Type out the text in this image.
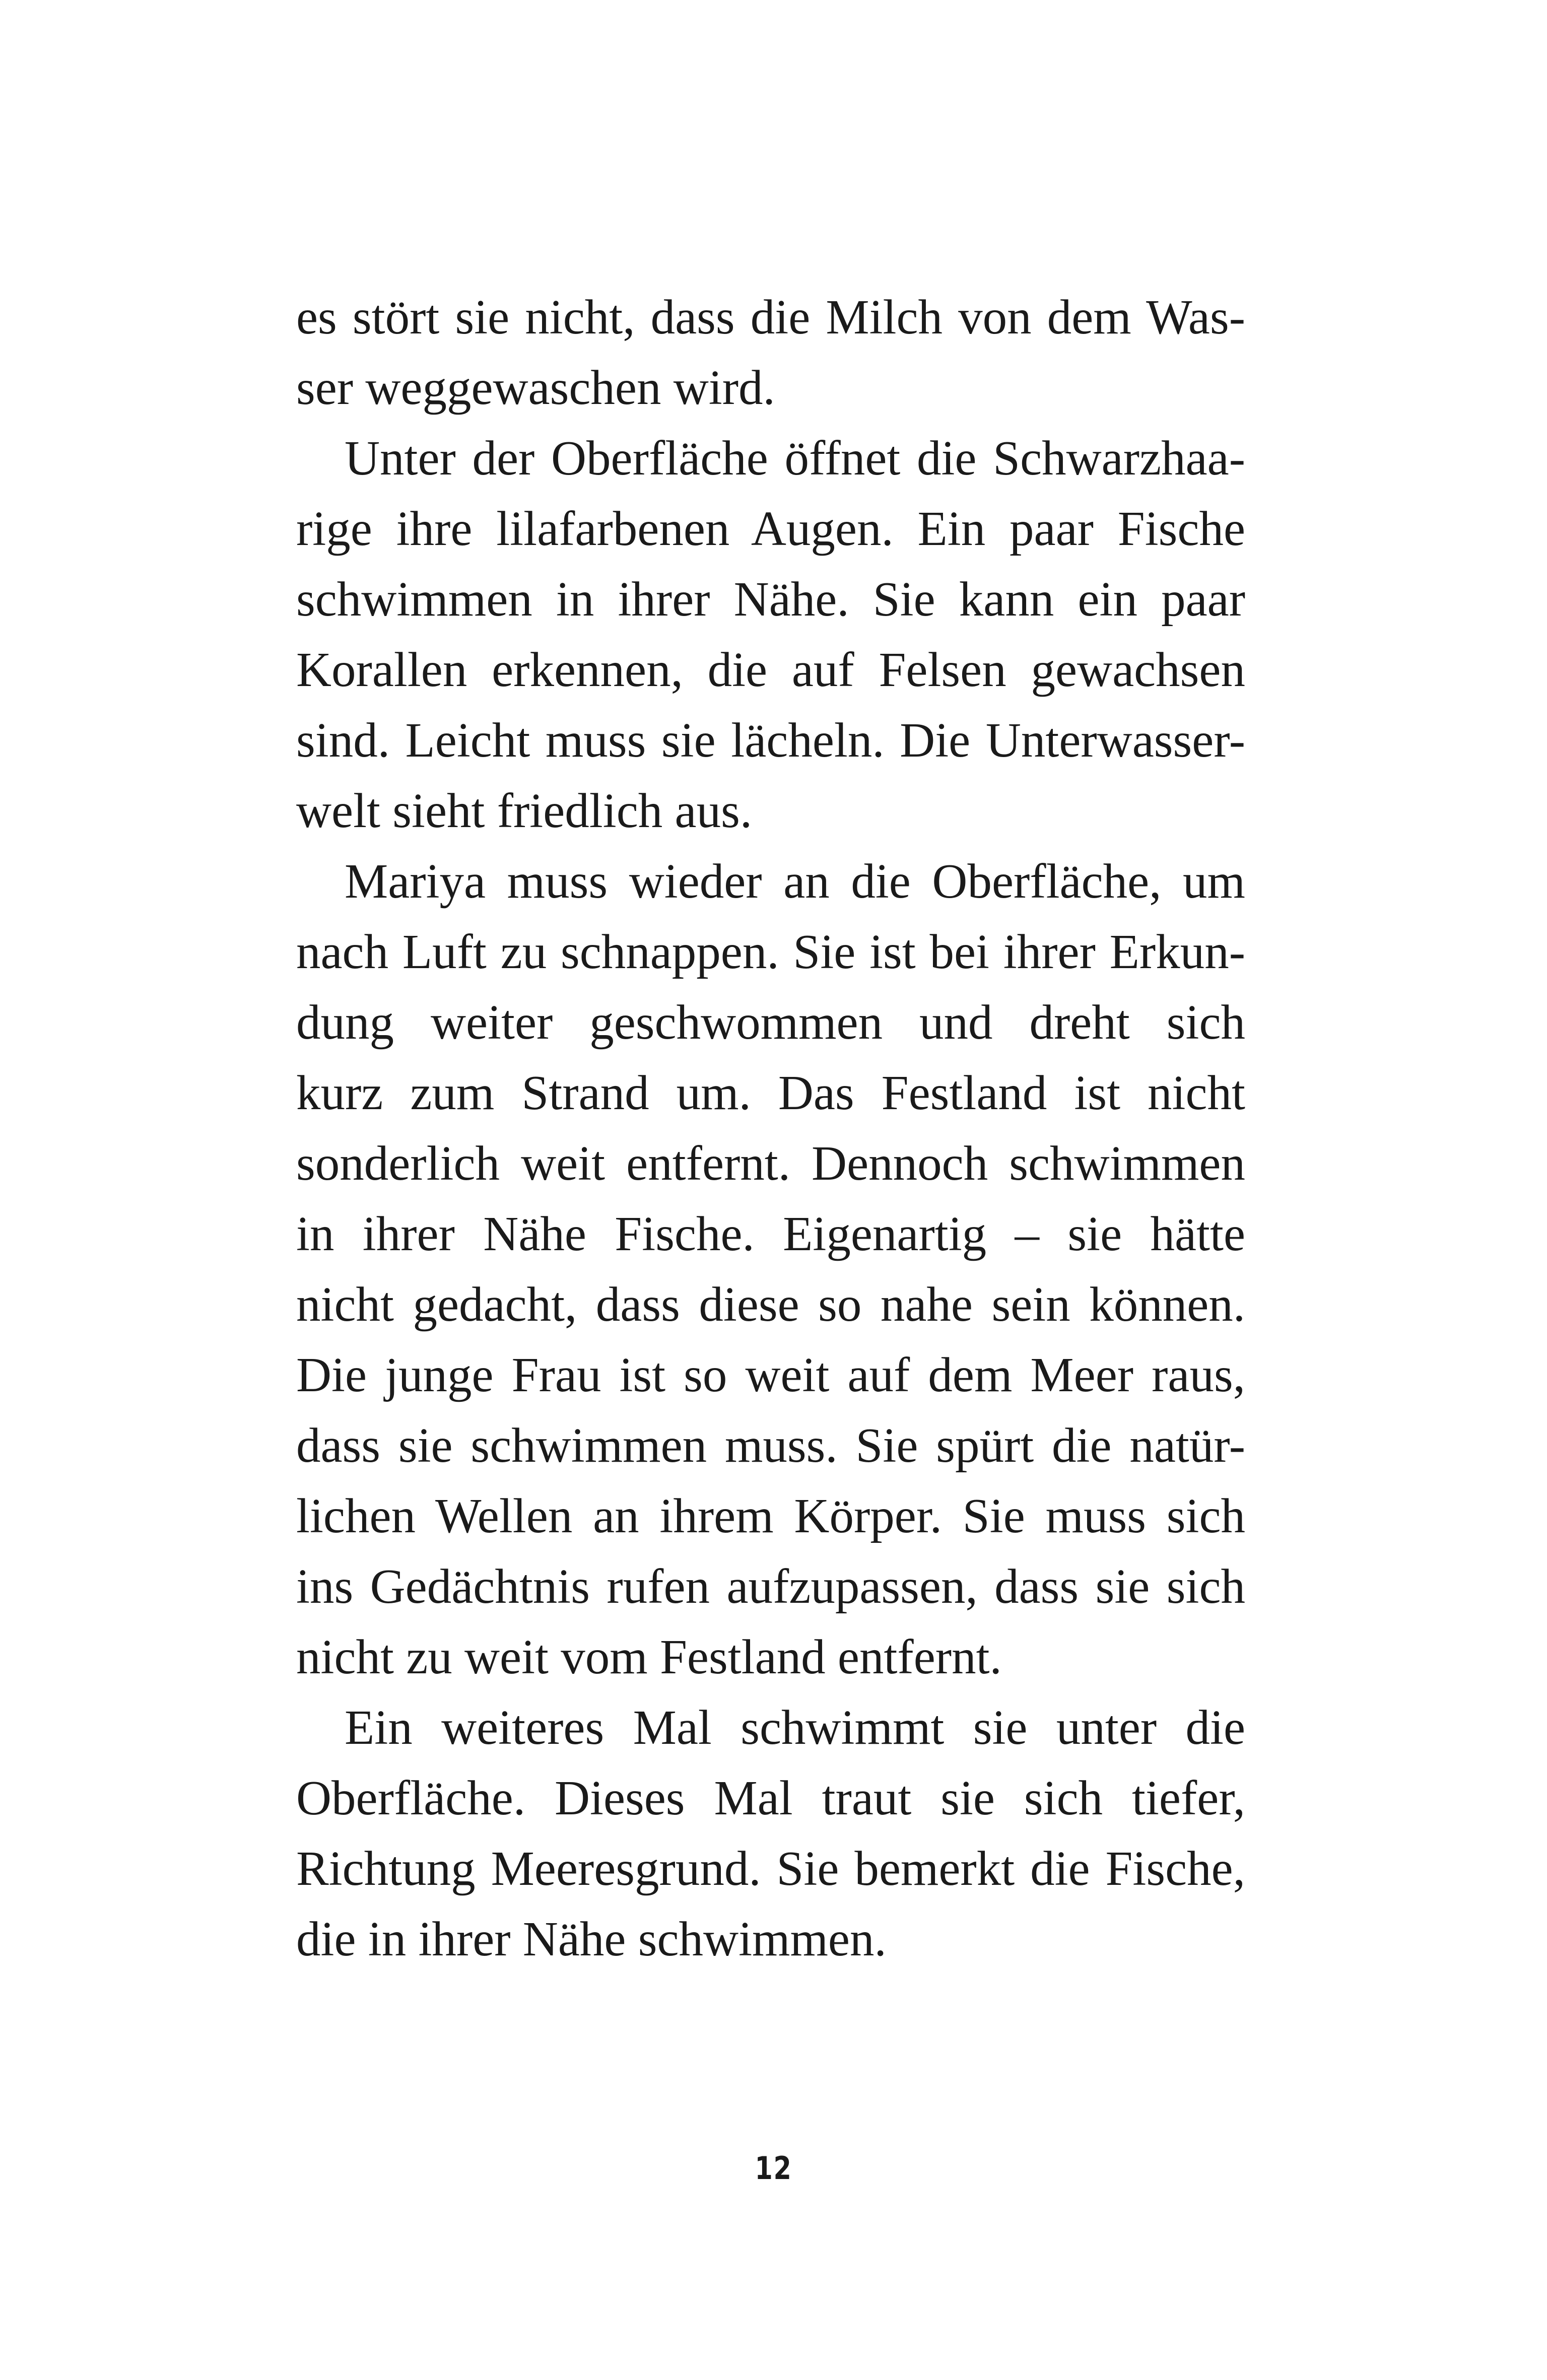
es stört sie nicht, dass die Milch von dem Was-
ser weggewaschen wird.
Unter der Oberfläche öffnet die Schwarzhaa-
rige ihre lilafarbenen Augen. Ein paar Fische
schwimmen in ihrer Nähe. Sie kann ein paar
Korallen erkennen, die auf Felsen gewachsen
sind. Leicht muss sie lächeln. Die Unterwasser-
welt sieht friedlich aus.
Mariya muss wieder an die Oberfläche, um
nach Luft zu schnappen. Sie ist bei ihrer Erkun-
dung weiter geschwommen und dreht sich
kurz zum Strand um. Das Festland ist nicht
sonderlich weit entfernt. Dennoch schwimmen
in ihrer Nähe Fische. Eigenartig – sie hätte
nicht gedacht, dass diese so nahe sein können.
Die junge Frau ist so weit auf dem Meer raus,
dass sie schwimmen muss. Sie spürt die natür-
lichen Wellen an ihrem Körper. Sie muss sich
ins Gedächtnis rufen aufzupassen, dass sie sich
nicht zu weit vom Festland entfernt.
Ein weiteres Mal schwimmt sie unter die
Oberfläche. Dieses Mal traut sie sich tiefer,
Richtung Meeresgrund. Sie bemerkt die Fische,
die in ihrer Nähe schwimmen.
12
